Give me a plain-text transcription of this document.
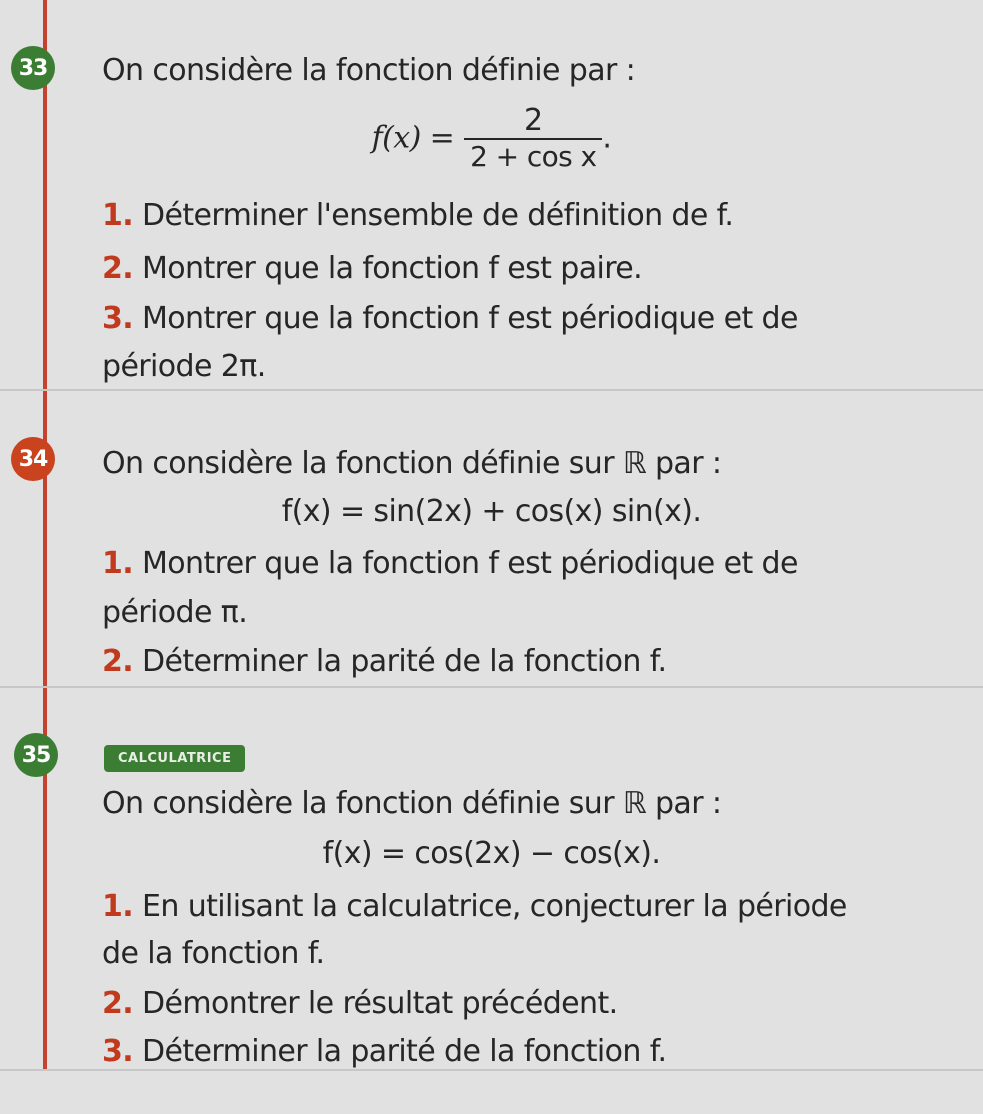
33 On considère la fonction définie par :
$f(x) = \frac{2}{\text{2 + cos x}}$ .
1. Déterminer l'ensemble de définition de f.
2. Montrer que la fonction f est paire.
3. Montrer que la fonction f est périodique et de
période 2π.
34 On considère la fonction définie sur ℝ par :
f(x) = sin(2x) + cos(x) sin(x).
1. Montrer que la fonction f est périodique et de
période π.
2. Déterminer la parité de la fonction f.
35	CALCULATRICE
On considère la fonction définie sur ℝ par :
f(x) = cos(2x) − cos(x).
1. En utilisant la calculatrice, conjecturer la période
de la fonction f.
2. Démontrer le résultat précédent.
3. Déterminer la parité de la fonction f.
